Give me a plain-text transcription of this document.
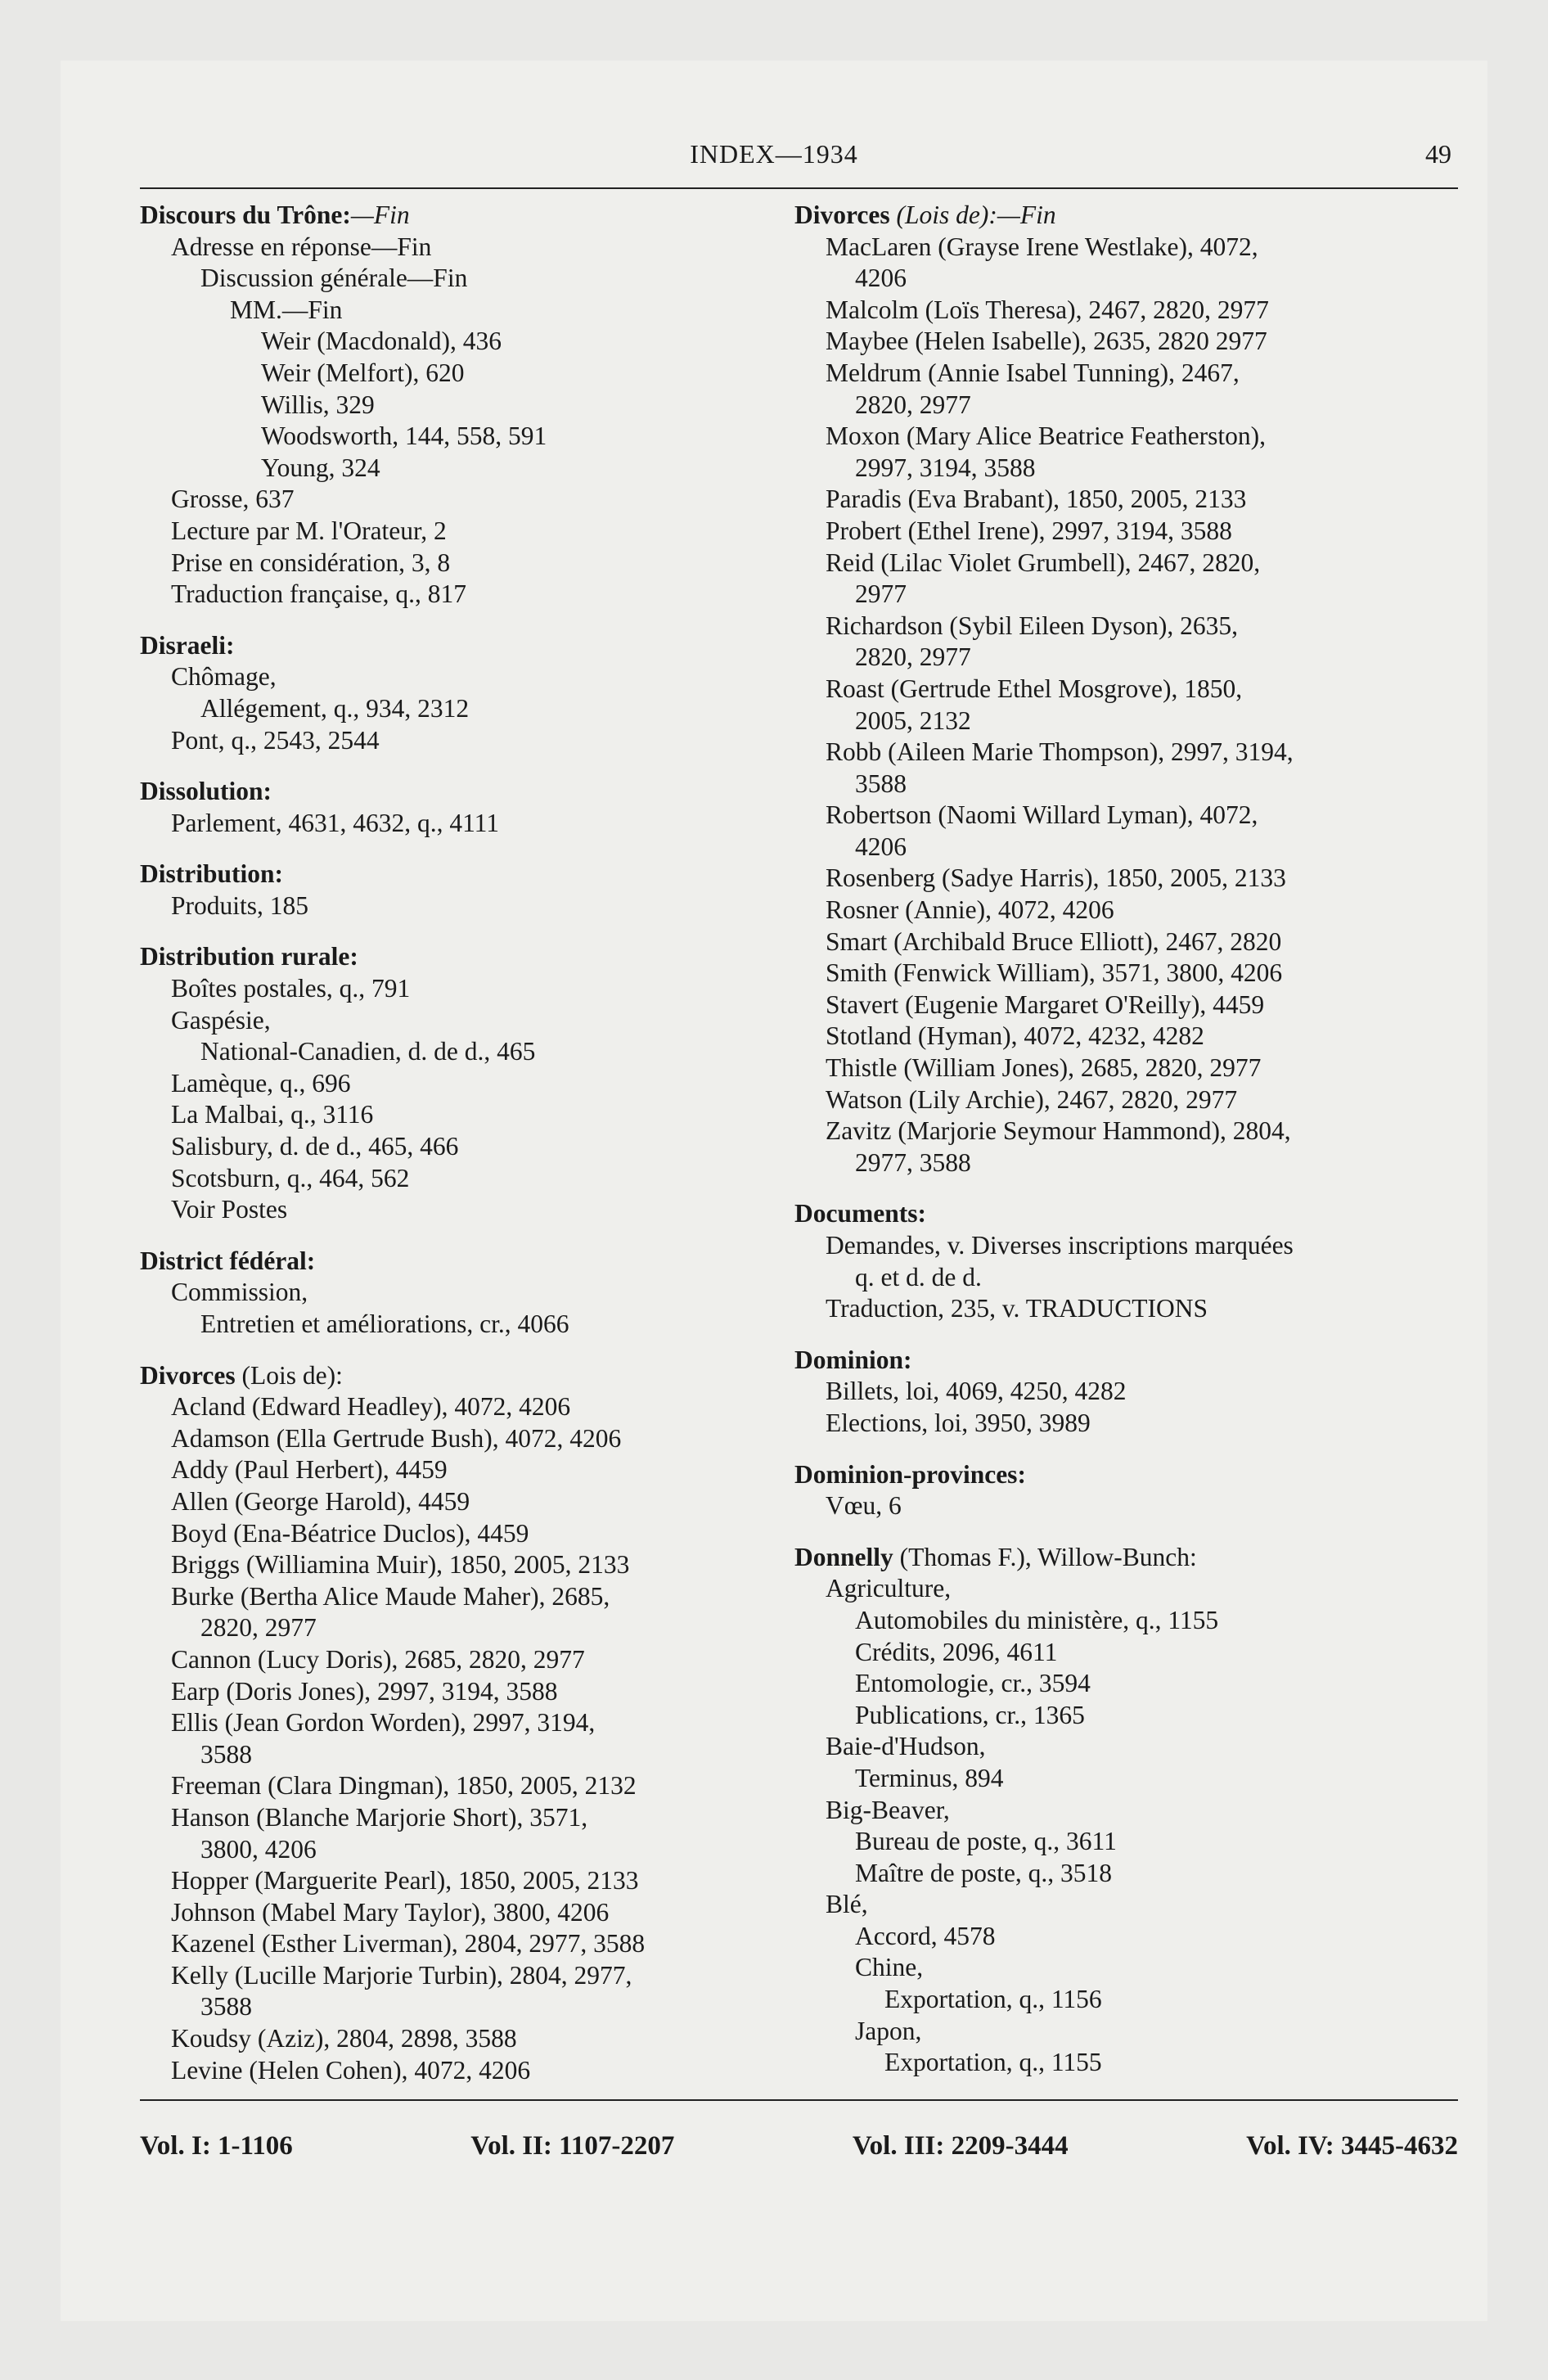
INDEX—1934	49
Discours du Trône:—Fin
Adresse en réponse—Fin
Discussion générale—Fin
MM.—Fin
Weir (Macdonald), 436
Weir (Melfort), 620
Willis, 329
Woodsworth, 144, 558, 591
Young, 324
Grosse, 637
Lecture par M. l'Orateur, 2
Prise en considération, 3, 8
Traduction française, q., 817
Disraeli:
Chômage,
Allégement, q., 934, 2312
Pont, q., 2543, 2544
Dissolution:
Parlement, 4631, 4632, q., 4111
Distribution:
Produits, 185
Distribution rurale:
Boîtes postales, q., 791
Gaspésie,
National-Canadien, d. de d., 465
Lamèque, q., 696
La Malbai, q., 3116
Salisbury, d. de d., 465, 466
Scotsburn, q., 464, 562
Voir Postes
District fédéral:
Commission,
Entretien et améliorations, cr., 4066
Divorces (Lois de):
Acland (Edward Headley), 4072, 4206
Adamson (Ella Gertrude Bush), 4072, 4206
Addy (Paul Herbert), 4459
Allen (George Harold), 4459
Boyd (Ena-Béatrice Duclos), 4459
Briggs (Williamina Muir), 1850, 2005, 2133
Burke (Bertha Alice Maude Maher), 2685,
2820, 2977
Cannon (Lucy Doris), 2685, 2820, 2977
Earp (Doris Jones), 2997, 3194, 3588
Ellis (Jean Gordon Worden), 2997, 3194,
3588
Freeman (Clara Dingman), 1850, 2005, 2132
Hanson (Blanche Marjorie Short), 3571,
3800, 4206
Hopper (Marguerite Pearl), 1850, 2005, 2133
Johnson (Mabel Mary Taylor), 3800, 4206
Kazenel (Esther Liverman), 2804, 2977, 3588
Kelly (Lucille Marjorie Turbin), 2804, 2977,
3588
Koudsy (Aziz), 2804, 2898, 3588
Levine (Helen Cohen), 4072, 4206
Divorces (Lois de):—Fin
MacLaren (Grayse Irene Westlake), 4072,
4206
Malcolm (Loïs Theresa), 2467, 2820, 2977
Maybee (Helen Isabelle), 2635, 2820 2977
Meldrum (Annie Isabel Tunning), 2467,
2820, 2977
Moxon (Mary Alice Beatrice Featherston),
2997, 3194, 3588
Paradis (Eva Brabant), 1850, 2005, 2133
Probert (Ethel Irene), 2997, 3194, 3588
Reid (Lilac Violet Grumbell), 2467, 2820,
2977
Richardson (Sybil Eileen Dyson), 2635,
2820, 2977
Roast (Gertrude Ethel Mosgrove), 1850,
2005, 2132
Robb (Aileen Marie Thompson), 2997, 3194,
3588
Robertson (Naomi Willard Lyman), 4072,
4206
Rosenberg (Sadye Harris), 1850, 2005, 2133
Rosner (Annie), 4072, 4206
Smart (Archibald Bruce Elliott), 2467, 2820
Smith (Fenwick William), 3571, 3800, 4206
Stavert (Eugenie Margaret O'Reilly), 4459
Stotland (Hyman), 4072, 4232, 4282
Thistle (William Jones), 2685, 2820, 2977
Watson (Lily Archie), 2467, 2820, 2977
Zavitz (Marjorie Seymour Hammond), 2804,
2977, 3588
Documents:
Demandes, v. Diverses inscriptions marquées
q. et d. de d.
Traduction, 235, v. TRADUCTIONS
Dominion:
Billets, loi, 4069, 4250, 4282
Elections, loi, 3950, 3989
Dominion-provinces:
Vœu, 6
Donnelly (Thomas F.), Willow-Bunch:
Agriculture,
Automobiles du ministère, q., 1155
Crédits, 2096, 4611
Entomologie, cr., 3594
Publications, cr., 1365
Baie-d'Hudson,
Terminus, 894
Big-Beaver,
Bureau de poste, q., 3611
Maître de poste, q., 3518
Blé,
Accord, 4578
Chine,
Exportation, q., 1156
Japon,
Exportation, q., 1155
Vol. I: 1-1106	Vol. II: 1107-2207	Vol. III: 2209-3444	Vol. IV: 3445-4632
